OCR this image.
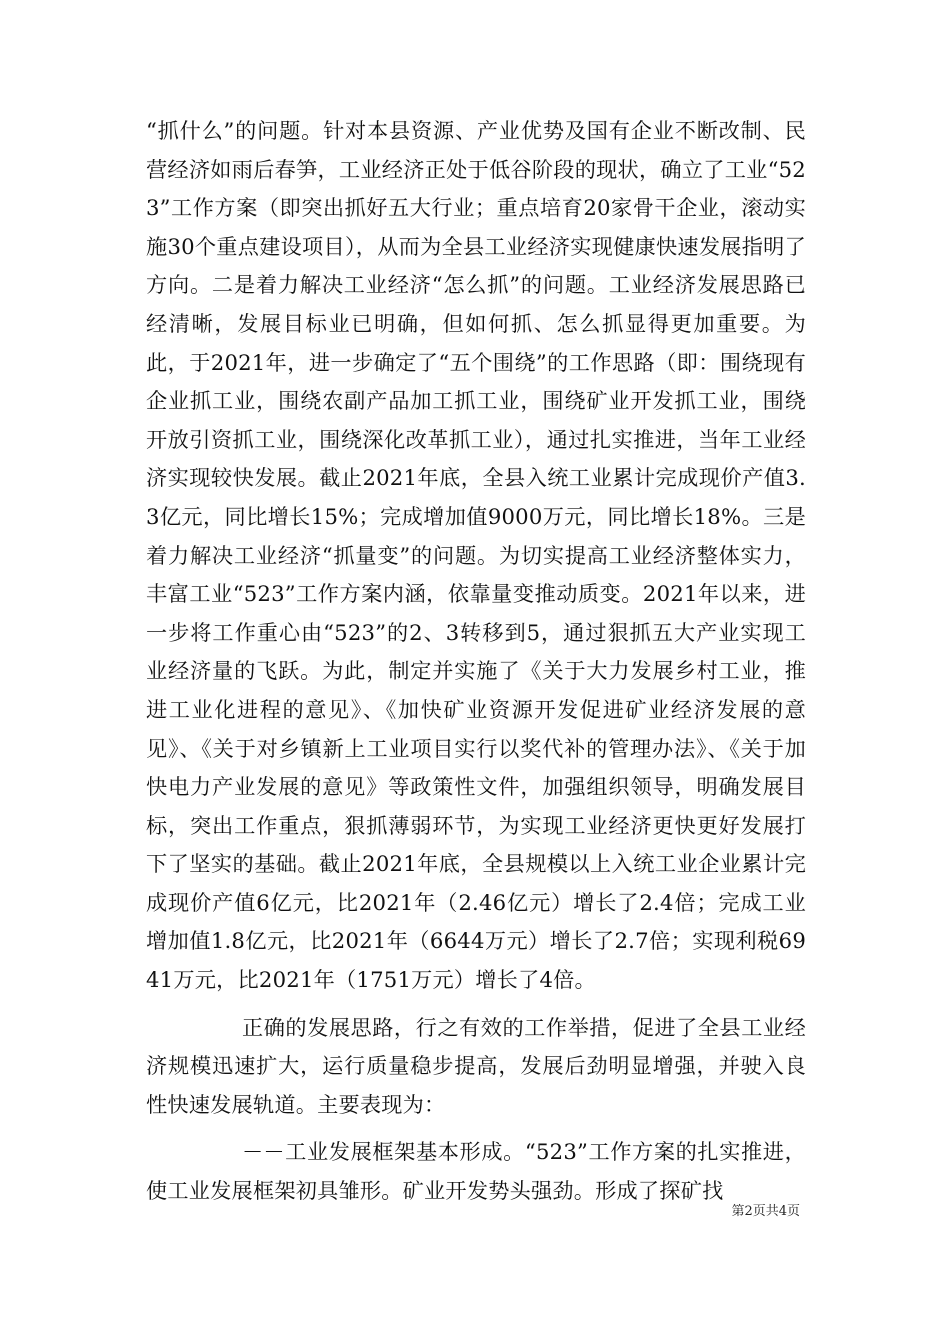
“抓什么”的问题。针对本县资源、产业优势及国有企业不断改制、民营经济如雨后春笋，工业经济正处于低谷阶段的现状，确立了工业“523”工作方案（即突出抓好五大行业；重点培育20家骨干企业，滚动实施30个重点建设项目），从而为全县工业经济实现健康快速发展指明了方向。二是着力解决工业经济“怎么抓”的问题。工业经济发展思路已经清晰，发展目标业已明确，但如何抓、怎么抓显得更加重要。为此，于2021年，进一步确定了“五个围绕”的工作思路（即：围绕现有企业抓工业，围绕农副产品加工抓工业，围绕矿业开发抓工业，围绕开放引资抓工业，围绕深化改革抓工业），通过扎实推进，当年工业经济实现较快发展。截止2021年底，全县入统工业累计完成现价产值3.3亿元，同比增长15%；完成增加值9000万元，同比增长18%。三是着力解决工业经济“抓量变”的问题。为切实提高工业经济整体实力，丰富工业“523”工作方案内涵，依靠量变推动质变。2021年以来，进一步将工作重心由“523”的2、3转移到5，通过狠抓五大产业实现工业经济量的飞跃。为此，制定并实施了《关于大力发展乡村工业，推进工业化进程的意见》、《加快矿业资源开发促进矿业经济发展的意见》、《关于对乡镇新上工业项目实行以奖代补的管理办法》、《关于加快电力产业发展的意见》等政策性文件，加强组织领导，明确发展目标，突出工作重点，狠抓薄弱环节，为实现工业经济更快更好发展打下了坚实的基础。截止2021年底，全县规模以上入统工业企业累计完成现价产值6亿元，比2021年（2.46亿元）增长了2.4倍；完成工业增加值1.8亿元，比2021年（6644万元）增长了2.7倍；实现利税6941万元，比2021年（1751万元）增长了4倍。

正确的发展思路，行之有效的工作举措，促进了全县工业经济规模迅速扩大，运行质量稳步提高，发展后劲明显增强，并驶入良性快速发展轨道。主要表现为：

－－工业发展框架基本形成。“523”工作方案的扎实推进，使工业发展框架初具雏形。矿业开发势头强劲。形成了探矿找

第2页共4页
